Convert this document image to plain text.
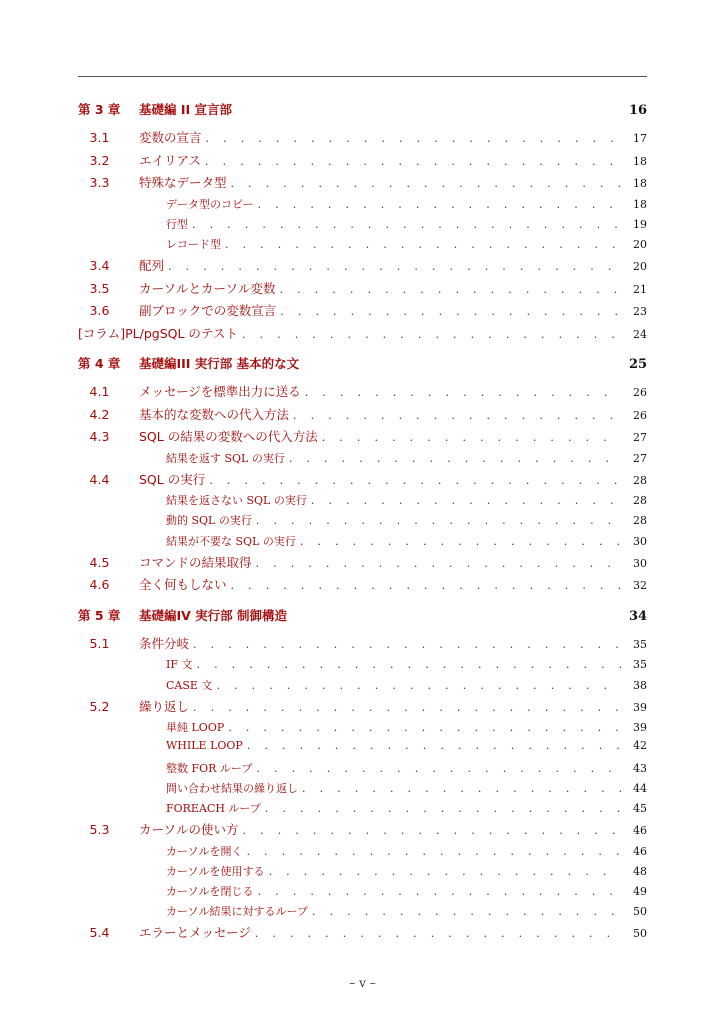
第 3 章	基礎編 II 宣言部	16
3.1	変数の宣言 . . .	17
3.2	エイリアス . . .	18
3.3	特殊なデータ型 . . .	18
データ型のコピー . . .	18
行型 . . .	19
レコード型 . . .	20
3.4	配列 . . .	20
3.5	カーソルとカーソル変数 . . .	21
3.6	副ブロックでの変数宣言 . . .	23
[コラム]PL/pgSQL のテスト . . .	24
第 4 章	基礎編III 実行部 基本的な文	25
4.1	メッセージを標準出力に送る . . .	26
4.2	基本的な変数への代入方法 . . .	26
4.3	SQL の結果の変数への代入方法 . . .	27
結果を返す SQL の実行 . . .	27
4.4	SQL の実行 . . .	28
結果を返さない SQL の実行 . . .	28
動的 SQL の実行 . . .	28
結果が不要な SQL の実行 . . .	30
4.5	コマンドの結果取得 . . .	30
4.6	全く何もしない . . .	32
第 5 章	基礎編IV 実行部 制御構造	34
5.1	条件分岐 . . .	35
IF 文 . . .	35
CASE 文 . . .	38
5.2	繰り返し . . .	39
単純 LOOP . . .	39
WHILE LOOP . . .	42
整数 FOR ループ . . .	43
問い合わせ結果の繰り返し . . .	44
FOREACH ループ . . .	45
5.3	カーソルの使い方 . . .	46
カーソルを開く . . .	46
カーソルを使用する . . .	48
カーソルを閉じる . . .	49
カーソル結果に対するループ . . .	50
5.4	エラーとメッセージ . . .	50
– v –
